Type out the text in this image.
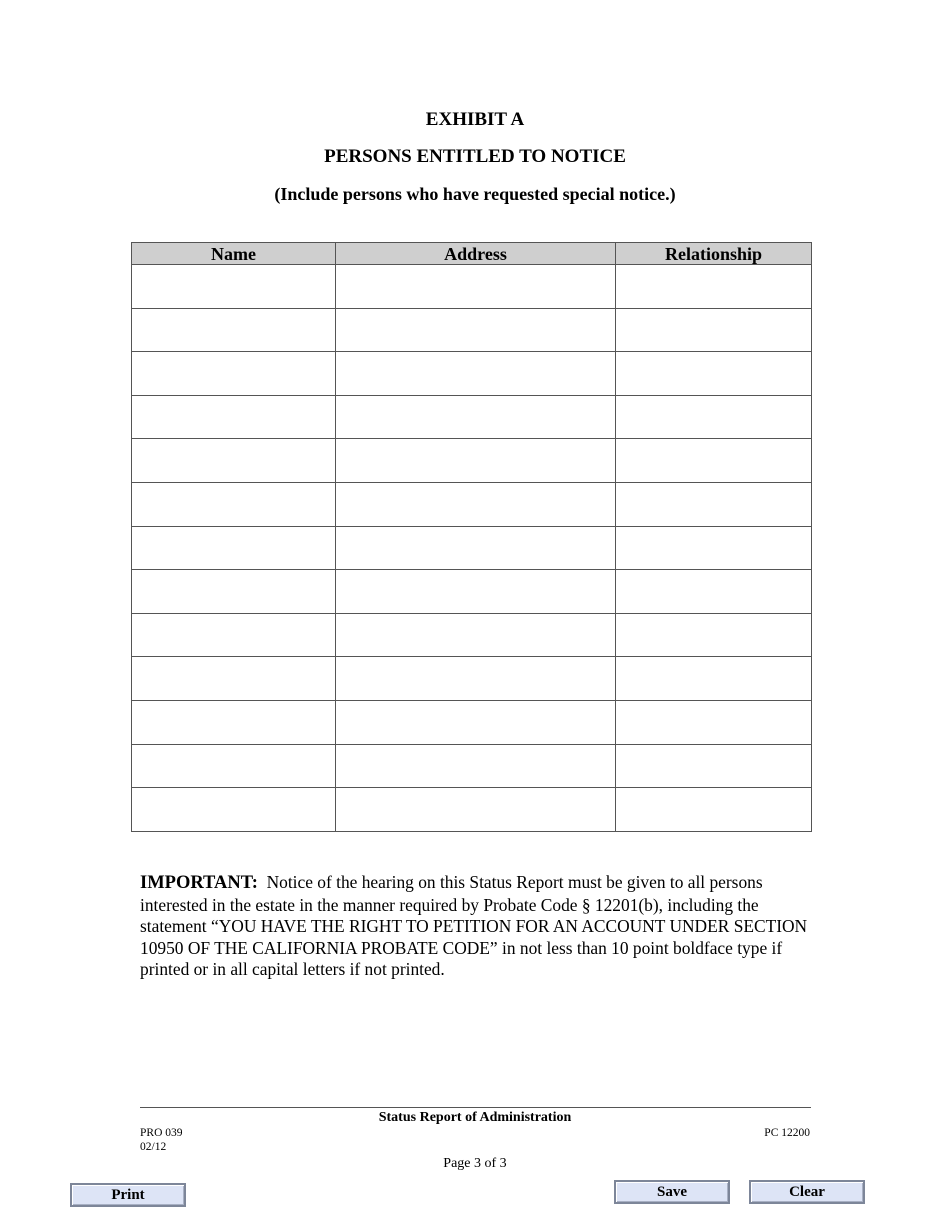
EXHIBIT A
PERSONS ENTITLED TO NOTICE

(Include persons who have requested special notice.)

Name	Address	Relationship

IMPORTANT: Notice of the hearing on this Status Report must be given to all persons interested in the estate in the manner required by Probate Code § 12201(b), including the statement “YOU HAVE THE RIGHT TO PETITION FOR AN ACCOUNT UNDER SECTION 10950 OF THE CALIFORNIA PROBATE CODE” in not less than 10 point boldface type if printed or in all capital letters if not printed.

Status Report of Administration
PRO 039
02/12
PC 12200
Page 3 of 3
Print	Save	Clear
